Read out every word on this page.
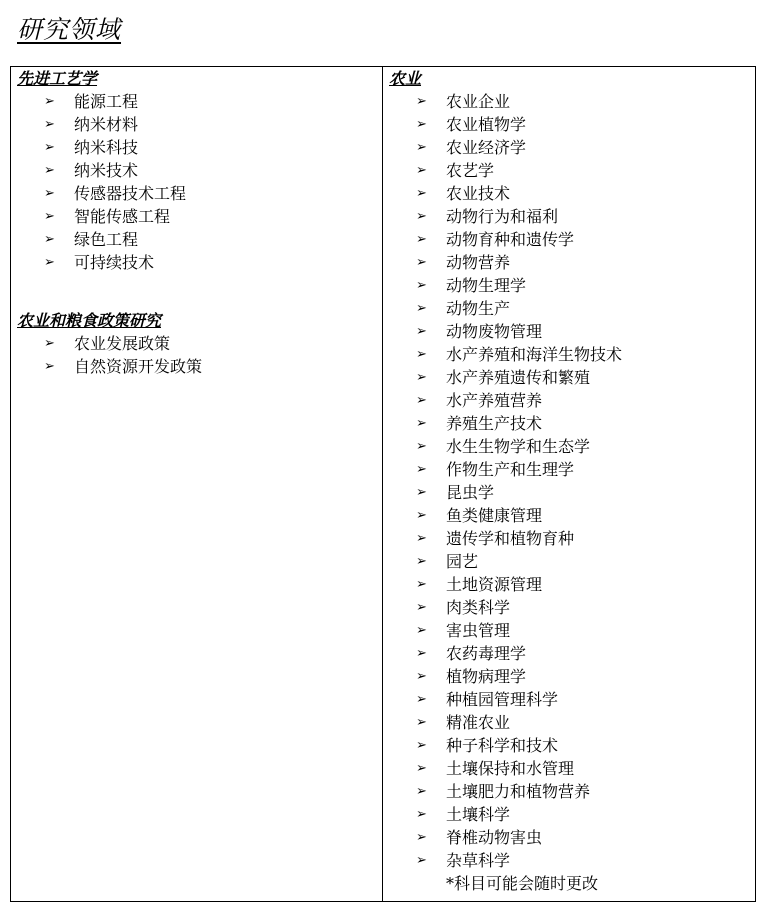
研究领域
先进工艺学
➢ 能源工程
➢ 纳米材料
➢ 纳米科技
➢ 纳米技术
➢ 传感器技术工程
➢ 智能传感工程
➢ 绿色工程
➢ 可持续技术
农业和粮食政策研究
➢ 农业发展政策
➢ 自然资源开发政策
农业
➢ 农业企业
➢ 农业植物学
➢ 农业经济学
➢ 农艺学
➢ 农业技术
➢ 动物行为和福利
➢ 动物育种和遗传学
➢ 动物营养
➢ 动物生理学
➢ 动物生产
➢ 动物废物管理
➢ 水产养殖和海洋生物技术
➢ 水产养殖遗传和繁殖
➢ 水产养殖营养
➢ 养殖生产技术
➢ 水生生物学和生态学
➢ 作物生产和生理学
➢ 昆虫学
➢ 鱼类健康管理
➢ 遗传学和植物育种
➢ 园艺
➢ 土地资源管理
➢ 肉类科学
➢ 害虫管理
➢ 农药毒理学
➢ 植物病理学
➢ 种植园管理科学
➢ 精准农业
➢ 种子科学和技术
➢ 土壤保持和水管理
➢ 土壤肥力和植物营养
➢ 土壤科学
➢ 脊椎动物害虫
➢ 杂草科学
*科目可能会随时更改
